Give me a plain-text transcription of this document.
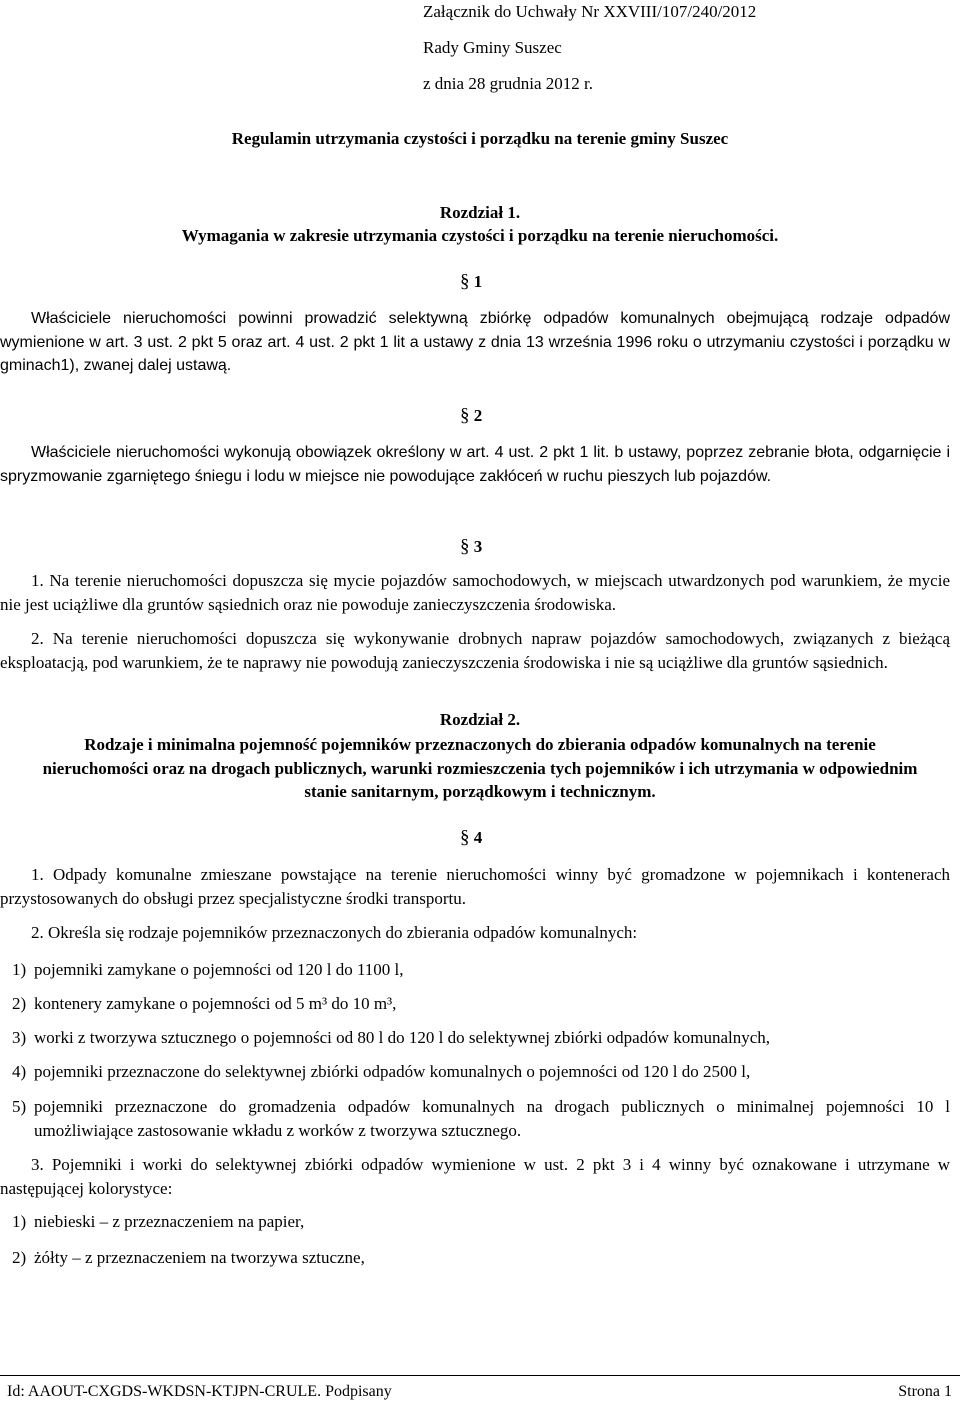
Załącznik do Uchwały Nr XXVIII/107/240/2012
Rady Gminy Suszec
z dnia 28 grudnia 2012 r.
Regulamin utrzymania czystości i porządku na terenie gminy Suszec
Rozdział 1.
Wymagania w zakresie utrzymania czystości i porządku na terenie nieruchomości.
§ 1

Właściciele nieruchomości powinni prowadzić selektywną zbiórkę odpadów komunalnych obejmującą rodzaje odpadów wymienione w art. 3 ust. 2 pkt 5 oraz art. 4 ust. 2 pkt 1 lit a ustawy z dnia 13 września 1996 roku o utrzymaniu czystości i porządku w gminach1), zwanej dalej ustawą.

§ 2

Właściciele nieruchomości wykonują obowiązek określony w art. 4 ust. 2 pkt 1 lit. b ustawy, poprzez zebranie błota, odgarnięcie i spryzmowanie zgarniętego śniegu i lodu w miejsce nie powodujące zakłóceń w ruchu pieszych lub pojazdów.

§ 3

1. Na terenie nieruchomości dopuszcza się mycie pojazdów samochodowych, w miejscach utwardzonych pod warunkiem, że mycie nie jest uciążliwe dla gruntów sąsiednich oraz nie powoduje zanieczyszczenia środowiska.

2. Na terenie nieruchomości dopuszcza się wykonywanie drobnych napraw pojazdów samochodowych, związanych z bieżącą eksploatacją, pod warunkiem, że te naprawy nie powodują zanieczyszczenia środowiska i nie są uciążliwe dla gruntów sąsiednich.

Rozdział 2.
Rodzaje i minimalna pojemność pojemników przeznaczonych do zbierania odpadów komunalnych na terenie nieruchomości oraz na drogach publicznych, warunki rozmieszczenia tych pojemników i ich utrzymania w odpowiednim stanie sanitarnym, porządkowym i technicznym.
§ 4

1. Odpady komunalne zmieszane powstające na terenie nieruchomości winny być gromadzone w pojemnikach i kontenerach przystosowanych do obsługi przez specjalistyczne środki transportu.

2. Określa się rodzaje pojemników przeznaczonych do zbierania odpadów komunalnych:

1) pojemniki zamykane o pojemności od 120 l do 1100 l,
2) kontenery zamykane o pojemności od 5 m³ do 10 m³,
3) worki z tworzywa sztucznego o pojemności od 80 l do 120 l do selektywnej zbiórki odpadów komunalnych,
4) pojemniki przeznaczone do selektywnej zbiórki odpadów komunalnych o pojemności od 120 l do 2500 l,
5) pojemniki przeznaczone do gromadzenia odpadów komunalnych na drogach publicznych o minimalnej pojemności 10 l umożliwiające zastosowanie wkładu z worków z tworzywa sztucznego.

3. Pojemniki i worki do selektywnej zbiórki odpadów wymienione w ust. 2 pkt 3 i 4 winny być oznakowane i utrzymane w następującej kolorystyce:

1) niebieski – z przeznaczeniem na papier,
2) żółty – z przeznaczeniem na tworzywa sztuczne,
Id: AAOUT-CXGDS-WKDSN-KTJPN-CRULE. Podpisany	Strona 1
